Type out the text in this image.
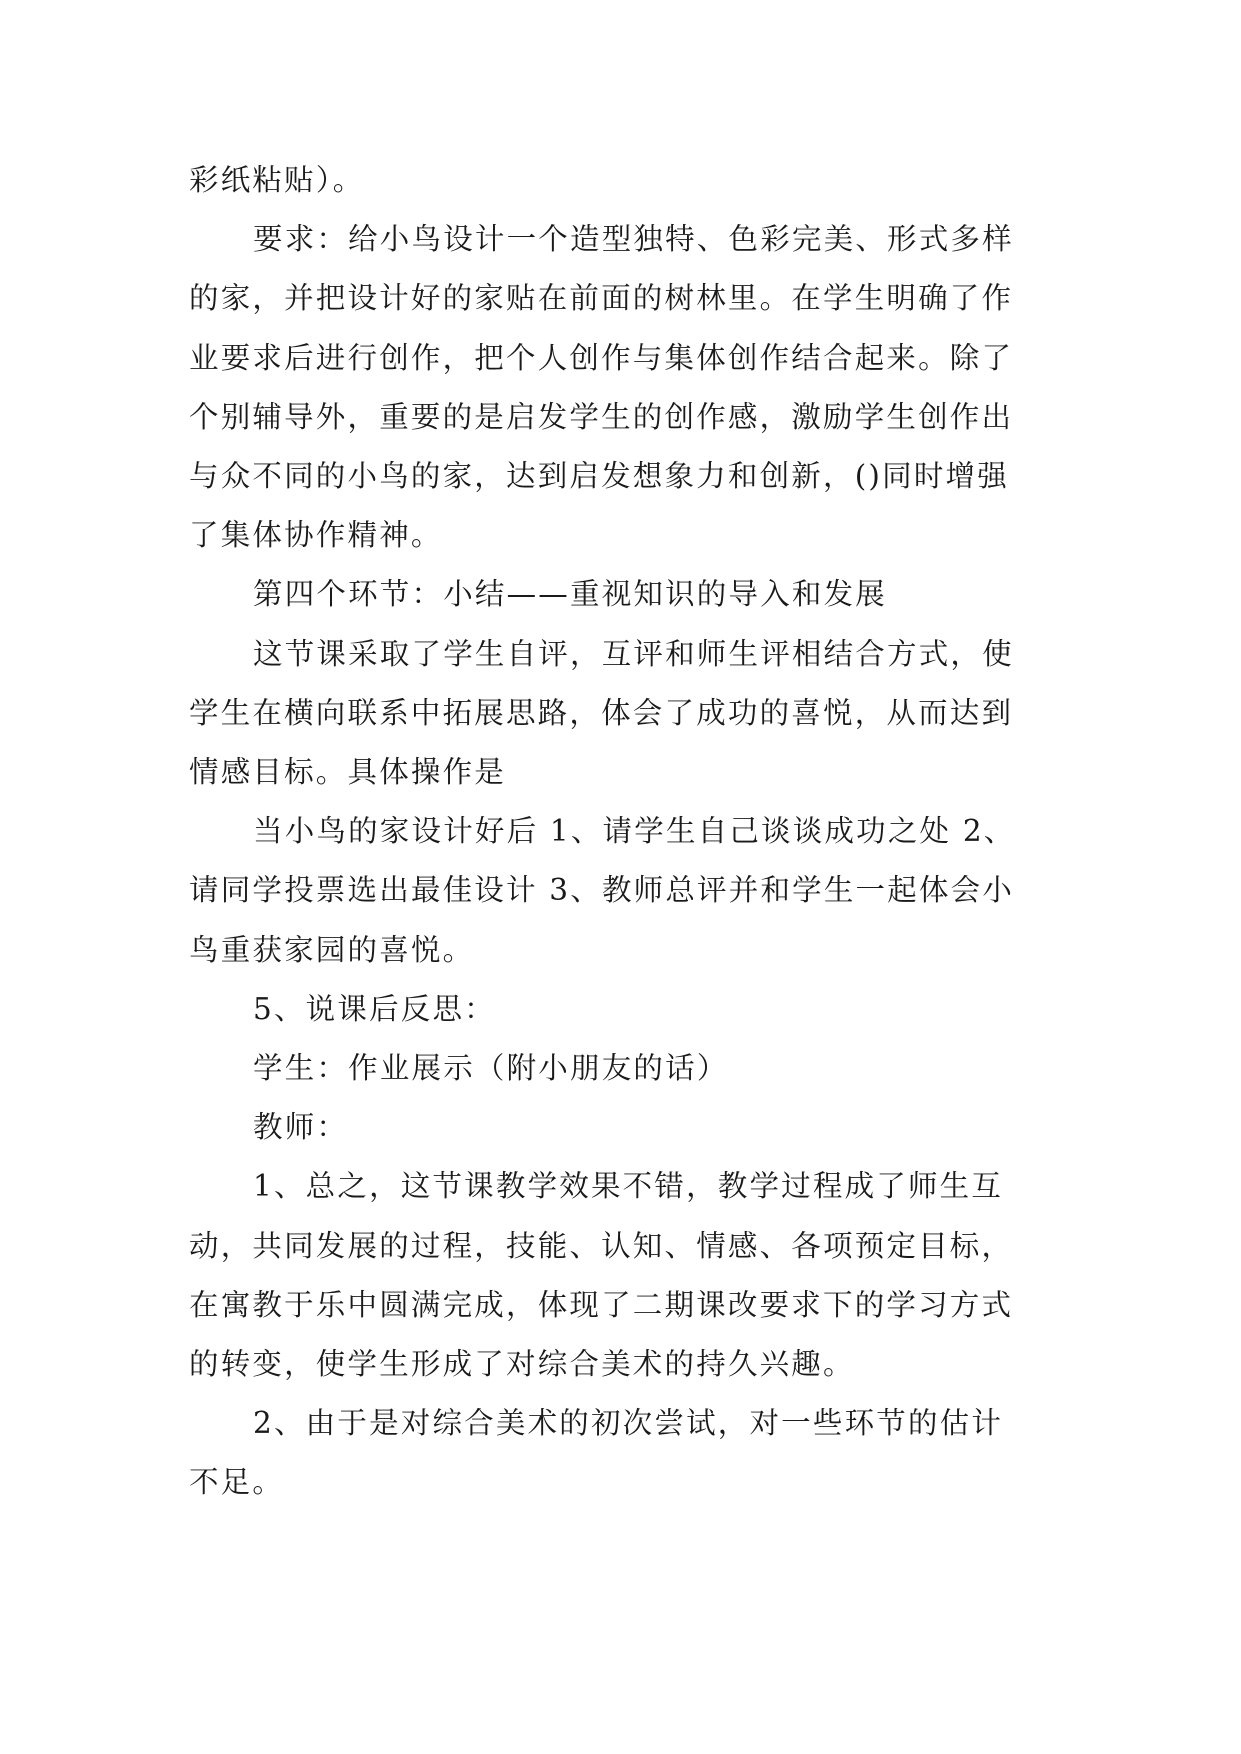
彩纸粘贴）。

要求：给小鸟设计一个造型独特、色彩完美、形式多样
的家，并把设计好的家贴在前面的树林里。在学生明确了作
业要求后进行创作，把个人创作与集体创作结合起来。除了
个别辅导外，重要的是启发学生的创作感，激励学生创作出
与众不同的小鸟的家，达到启发想象力和创新，()同时增强
了集体协作精神。

第四个环节：小结——重视知识的导入和发展

这节课采取了学生自评，互评和师生评相结合方式，使
学生在横向联系中拓展思路，体会了成功的喜悦，从而达到
情感目标。具体操作是

当小鸟的家设计好后 1、请学生自己谈谈成功之处 2、
请同学投票选出最佳设计 3、教师总评并和学生一起体会小
鸟重获家园的喜悦。

5、说课后反思：

学生：作业展示（附小朋友的话）

教师：

1、总之，这节课教学效果不错，教学过程成了师生互
动，共同发展的过程，技能、认知、情感、各项预定目标，
在寓教于乐中圆满完成，体现了二期课改要求下的学习方式
的转变，使学生形成了对综合美术的持久兴趣。

2、由于是对综合美术的初次尝试，对一些环节的估计
不足。
